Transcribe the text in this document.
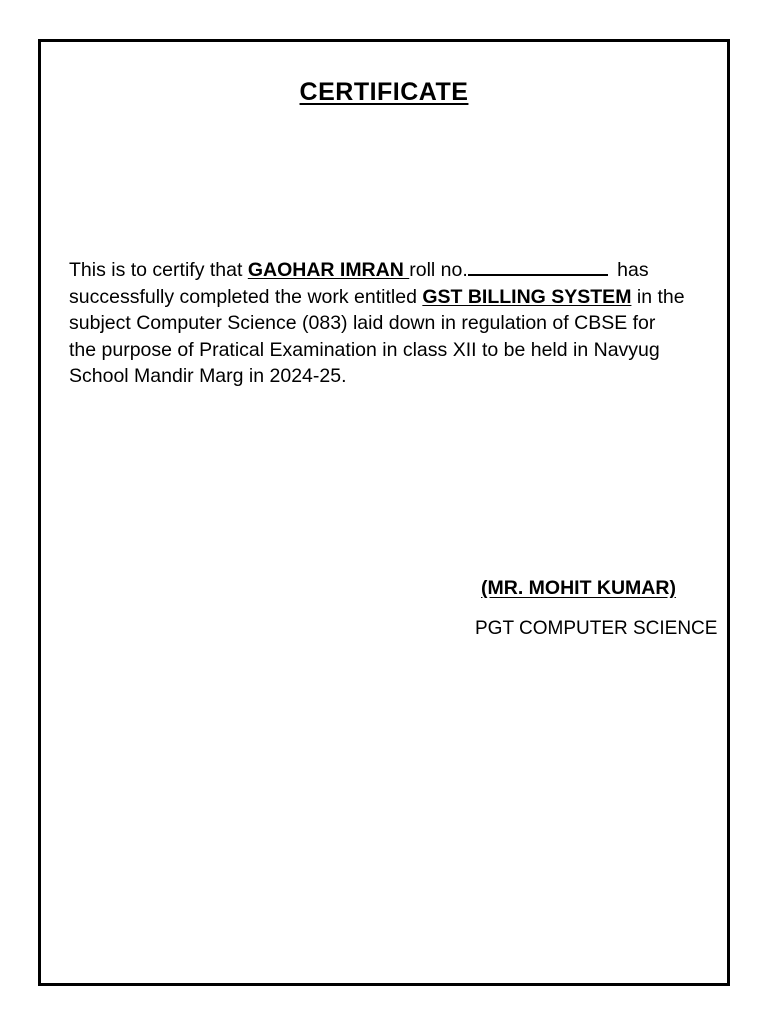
CERTIFICATE
This is to certify that GAOHAR IMRAN roll no.	has
successfully completed the work entitled GST BILLING SYSTEM in the
subject Computer Science (083) laid down in regulation of CBSE for
the purpose of Pratical Examination in class XII to be held in Navyug
School Mandir Marg in 2024-25.
(MR. MOHIT KUMAR)
PGT COMPUTER SCIENCE
